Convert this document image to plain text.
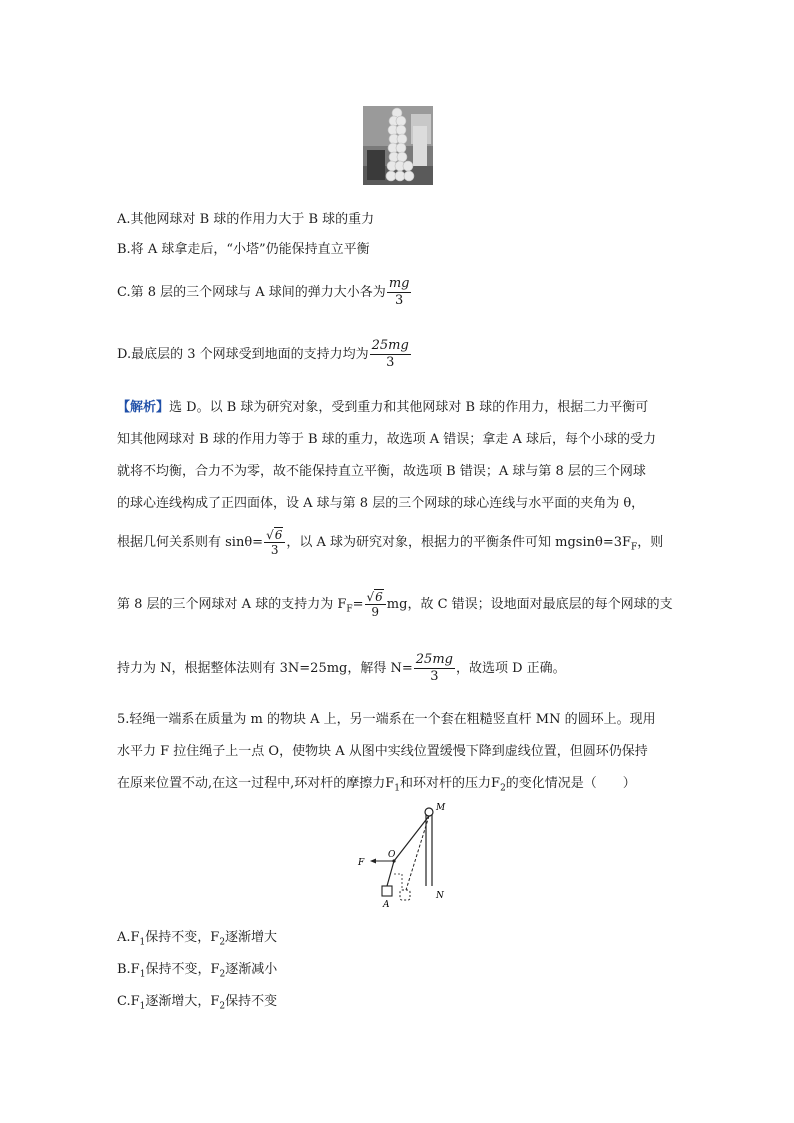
A.其他网球对 B 球的作用力大于 B 球的重力
B.将 A 球拿走后，“小塔”仍能保持直立平衡
C.第 8 层的三个网球与 A 球间的弹力大小各为 $\frac{mg}{3}$
D.最底层的 3 个网球受到地面的支持力均为 $\frac{25mg}{3}$
【解析】选 D。以 B 球为研究对象，受到重力和其他网球对 B 球的作用力，根据二力平衡可
知其他网球对 B 球的作用力等于 B 球的重力，故选项 A 错误；拿走 A 球后，每个小球的受力
就将不均衡，合力不为零，故不能保持直立平衡，故选项 B 错误；A 球与第 8 层的三个网球
的球心连线构成了正四面体，设 A 球与第 8 层的三个网球的球心连线与水平面的夹角为 θ，
根据几何关系则有 $\sin\theta= \frac{√6}{3}$ ，以 A 球为研究对象，根据力的平衡条件可知 $mgsin\theta=3F_F$，则
第 8 层的三个网球对 A 球的支持力为 $F_F= \frac{√6}{9}$ mg，故 C 错误；设地面对最底层的每个网球的支
持力为 N，根据整体法则有 3N=25mg，解得 $N= \frac{25mg}{3}$ ，故选项 D 正确。
5.轻绳一端系在质量为 m 的物块 A 上，另一端系在一个套在粗糙竖直杆 MN 的圆环上。现用
水平力 F 拉住绳子上一点 O，使物块 A 从图中实线位置缓慢下降到虚线位置，但圆环仍保持
在原来位置不动,在这一过程中,环对杆的摩擦力$F_1$和环对杆的压力$F_2$的变化情况是（　　）
M
N
F
O
A
$A.F_1$保持不变，$F_2$逐渐增大
$B.F_1$保持不变，$F_2$逐渐减小
$C.F_1$逐渐增大，$F_2$保持不变
